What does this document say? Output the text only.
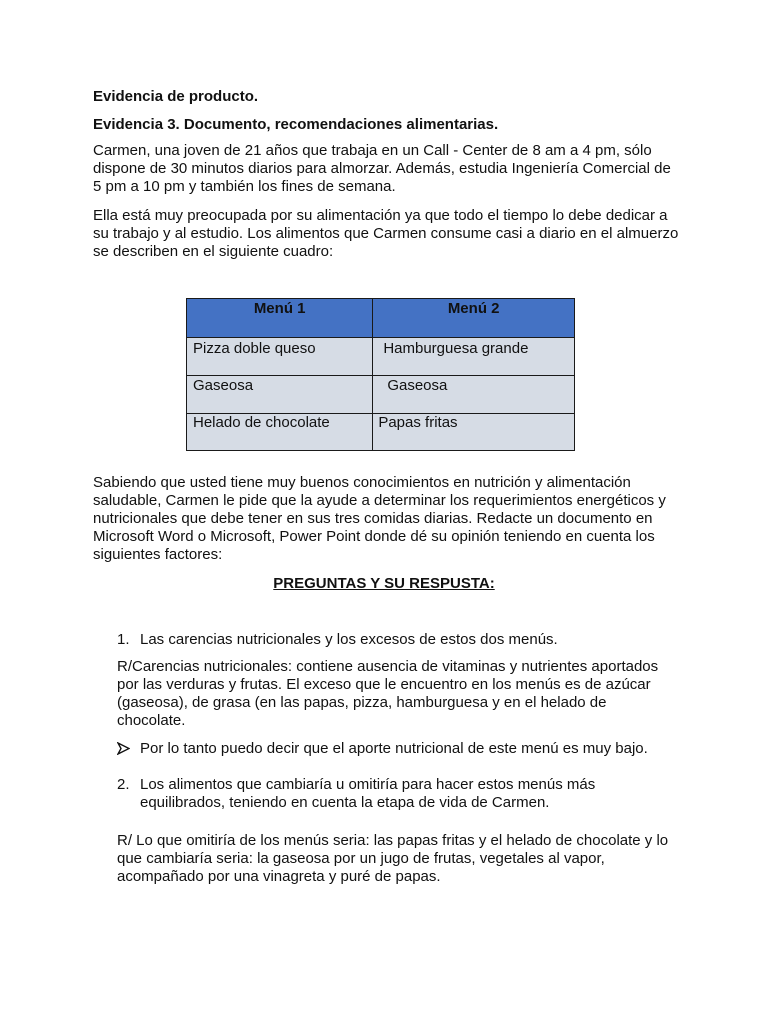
Evidencia de producto.

Evidencia 3. Documento, recomendaciones alimentarias.

Carmen, una joven de 21 años que trabaja en un Call - Center de 8 am a 4 pm, sólo dispone de 30 minutos diarios para almorzar. Además, estudia Ingeniería Comercial de 5 pm a 10 pm y también los fines de semana.

Ella está muy preocupada por su alimentación ya que todo el tiempo lo debe dedicar a su trabajo y al estudio. Los alimentos que Carmen consume casi a diario en el almuerzo se describen en el siguiente cuadro:

Menú 1	Menú 2
Pizza doble queso	Hamburguesa grande
Gaseosa	Gaseosa
Helado de chocolate	Papas fritas

Sabiendo que usted tiene muy buenos conocimientos en nutrición y alimentación saludable, Carmen le pide que la ayude a determinar los requerimientos energéticos y nutricionales que debe tener en sus tres comidas diarias. Redacte un documento en Microsoft Word o Microsoft, Power Point donde dé su opinión teniendo en cuenta los siguientes factores:

PREGUNTAS Y SU RESPUSTA:

1. Las carencias nutricionales y los excesos de estos dos menús.

R/Carencias nutricionales: contiene ausencia de vitaminas y nutrientes aportados por las verduras y frutas. El exceso que le encuentro en los menús es de azúcar (gaseosa), de grasa (en las papas, pizza, hamburguesa y en el helado de chocolate.

Por lo tanto puedo decir que el aporte nutricional de este menú es muy bajo.

2. Los alimentos que cambiaría u omitiría para hacer estos menús más equilibrados, teniendo en cuenta la etapa de vida de Carmen.

R/ Lo que omitiría de los menús seria: las papas fritas y el helado de chocolate y lo que cambiaría seria: la gaseosa por un jugo de frutas, vegetales al vapor, acompañado por una vinagreta y puré de papas.
